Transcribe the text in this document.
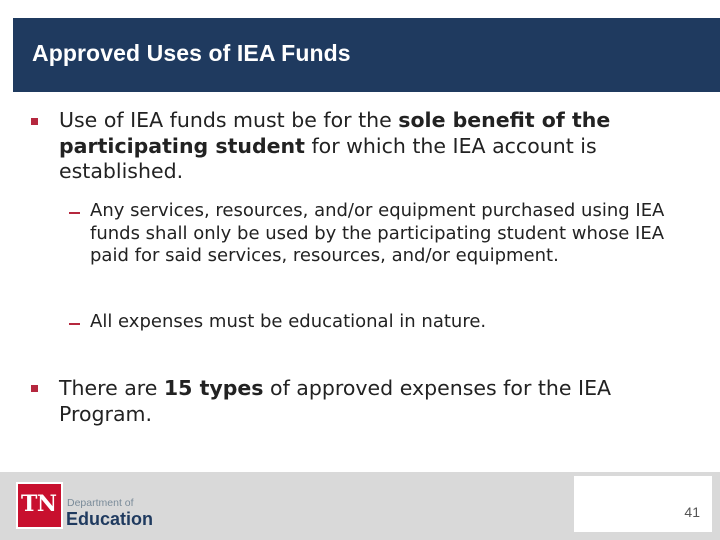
Approved Uses of IEA Funds

Use of IEA funds must be for the sole benefit of the participating student for which the IEA account is established.

Any services, resources, and/or equipment purchased using IEA funds shall only be used by the participating student whose IEA paid for said services, resources, and/or equipment.

All expenses must be educational in nature.

There are 15 types of approved expenses for the IEA Program.

TN Department of
Education	41
